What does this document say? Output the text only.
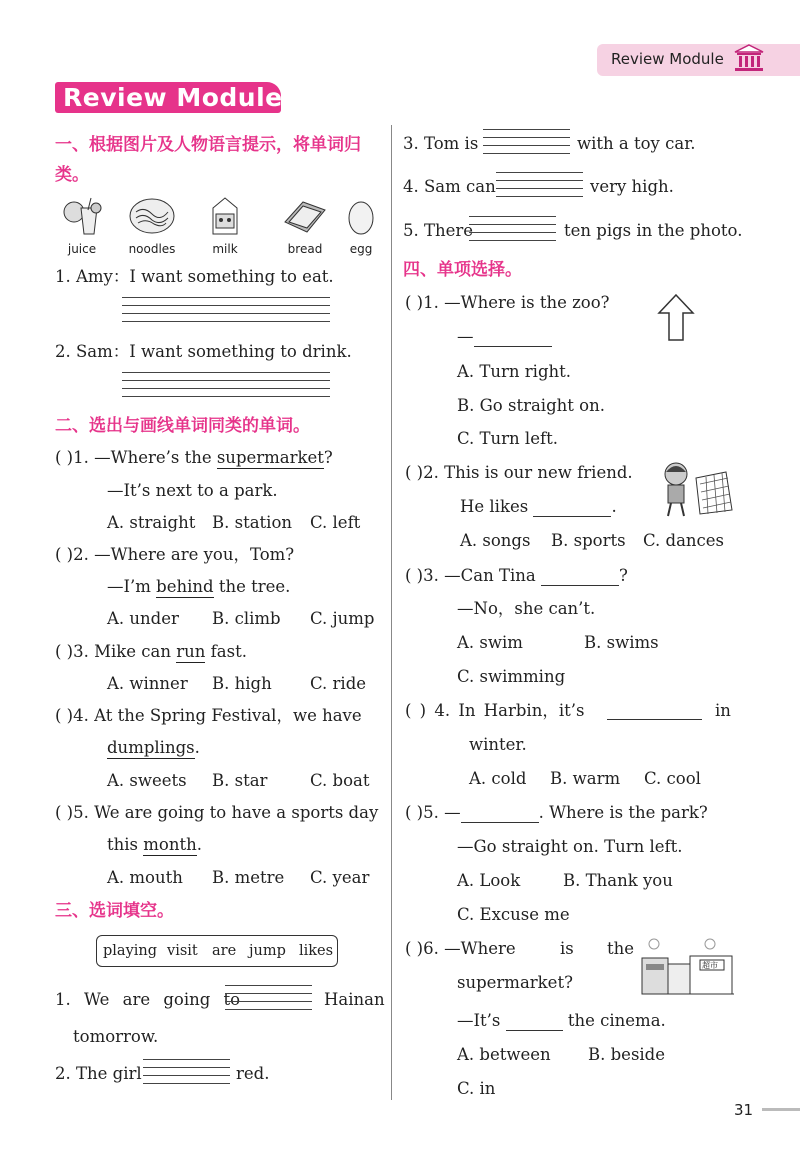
Review Module
Review Module
一、根据图片及人物语言提示，将单词归类。
juice	noodles	milk	bread	egg
1. Amy：I want something to eat.
2. Sam：I want something to drink.
二、选出与画线单词同类的单词。
( )1. —Where’s the supermarket?
—It’s next to a park.
A. straight B. station C. left
( )2. —Where are you，Tom?
—I’m behind the tree.
A. under B. climb C. jump
( )3. Mike can run fast.
A. winner B. high C. ride
( )4. At the Spring Festival，we have
dumplings.
A. sweets B. star	C. boat
( )5. We are going to have a sports day
this month.
A. mouth B. metre C. year
三、选词填空。
playing visit are jump likes
1. We are going to	Hainan
tomorrow.
2. The girl	red.
3. Tom is	with a toy car.
4. Sam can	very high.
5. There	ten pigs in the photo.
四、单项选择。
( )1. —Where is the zoo?
—
A. Turn right.
B. Go straight on.
C. Turn left.
( )2. This is our new friend.
He likes	.
A. songs B. sports C. dances
( )3. —Can Tina	?
—No，she can’t.
A. swim	B. swims
C. swimming
( ) 4. In Harbin，it’s	in
winter.
A. cold B. warm C. cool
( )5. —	. Where is the park?
—Go straight on. Turn left.
A. Look	B. Thank you
C. Excuse me
( )6. —Where	is the
超市
supermarket?
—It’s	the cinema.
A. between B. beside
C. in
31
